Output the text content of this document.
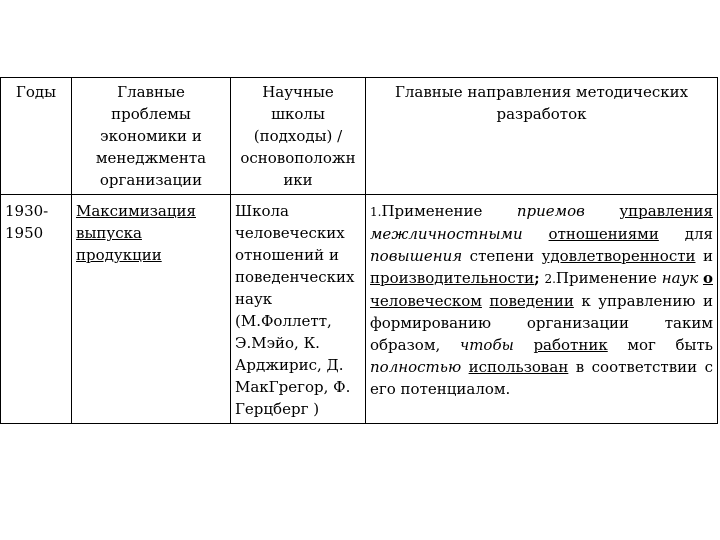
Годы	Главные проблемы экономики и менеджмента организации	Научные школы (подходы) /основоположн ики	Главные направления методических разработок
1930-1950	Максимизация выпуска продукции	Школа человеческих отношений и поведенческих наук (М.Фоллетт, Э.Мэйо, К. Арджирис, Д. МакГрегор, Ф. Герцберг )	1.Применение приемов управления межличностными отношениями для повышения степени удовлетворенности и производительности; 2.Применение наук о человеческом поведении к управлению и формированию организации таким образом, чтобы работник мог быть полностью использован в соответствии с его потенциалом.
